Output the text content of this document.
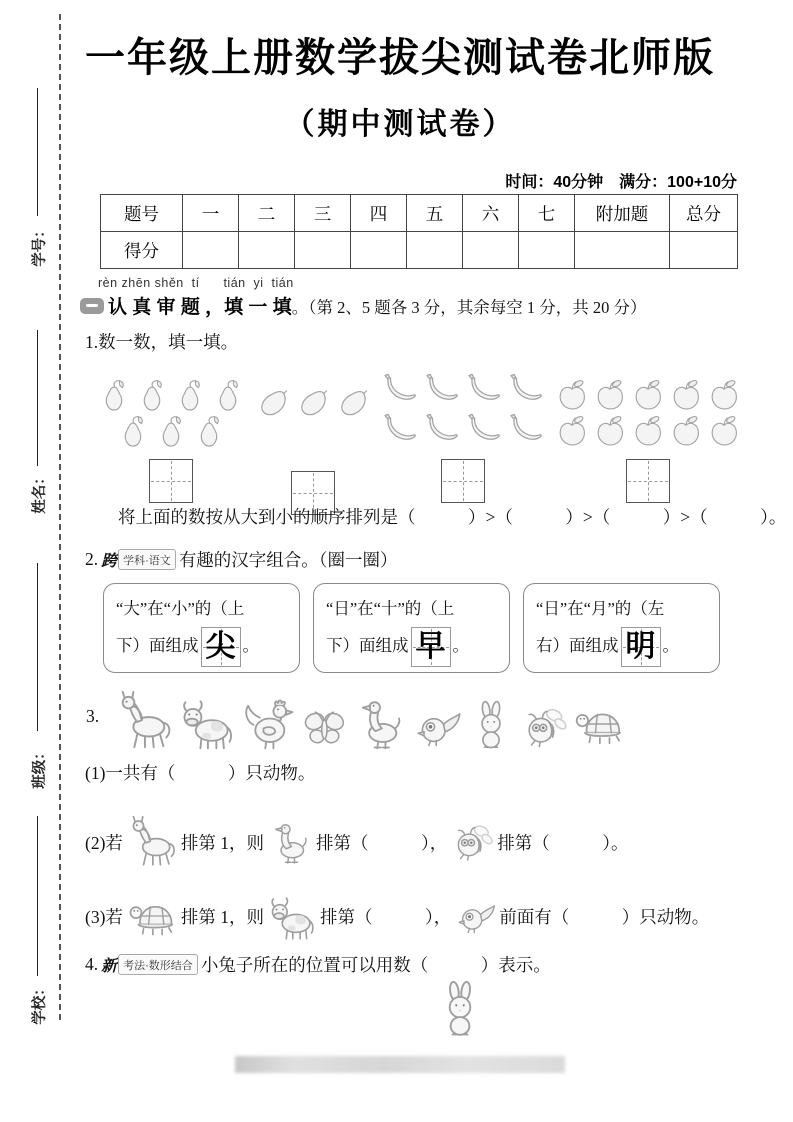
学号：
姓名：
班级：
学校：
一年级上册数学拔尖测试卷北师版
（期中测试卷）
时间：40分钟　满分：100+10分
题号	一	二	三	四	五	六	七	附加题	总分
得分									
rèn zhēn shěn  tí      tián  yi  tián
认 真 审 题 ，填 一 填 。（第 2、5 题各 3 分，其余每空 1 分，共 20 分）
1.数一数，填一填。
将上面的数按从大到小的顺序排列是（　　　）>（　　　）>（　　　）>（　　　）。
2. 跨 学科·语文 有趣的汉字组合。（圈一圈）
“大”在“小”的（上
下）面组成 尖 。
“日”在“十”的（上
下）面组成 早 。
“日”在“月”的（左
右）面组成 明 。
3.
(1)一共有（　　　）只动物。
(2)若	排第 1，则	排第（　　　），	排第（　　　）。
(3)若	排第 1，则	排第（　　　），	前面有（　　　）只动物。
4. 新 考法·数形结合 小兔子所在的位置可以用数（　　　）表示。
